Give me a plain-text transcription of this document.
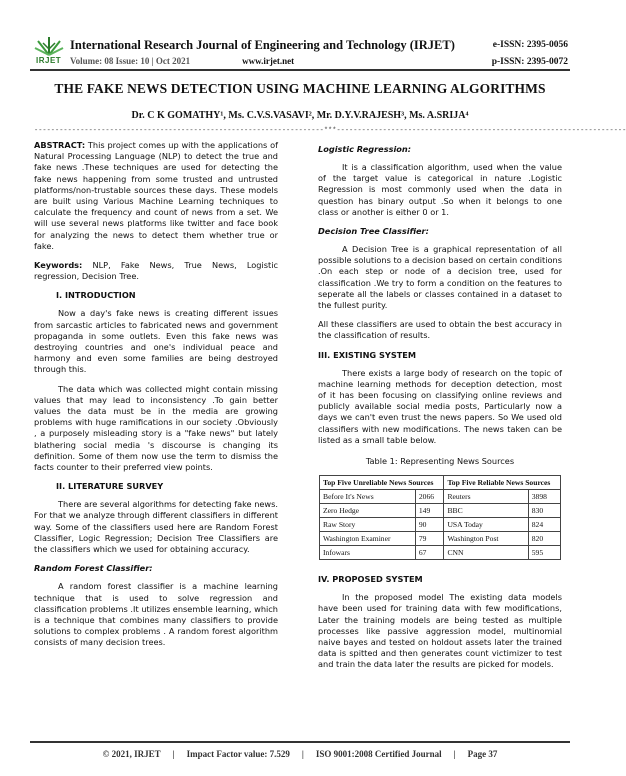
IRJET
International Research Journal of Engineering and Technology (IRJET)
Volume: 08 Issue: 10 | Oct 2021	www.irjet.net
e-ISSN: 2395-0056
p-ISSN: 2395-0072
THE FAKE NEWS DETECTION USING MACHINE LEARNING ALGORITHMS
Dr. C K GOMATHY¹, Ms. C.V.S.VASAVI², Mr. D.Y.V.RAJESH³, Ms. A.SRIJA⁴
---------------------------------------------------------------------***---------------------------------------------------------------------

ABSTRACT: This project comes up with the applications of Natural Processing Language (NLP) to detect the true and fake news .These techniques are used for detecting the fake news happening from some trusted and untrusted platforms/non-trustable sources these days. These models are built using Various Machine Learning techniques to calculate the frequency and count of news from a set. We will use several news platforms like twitter and face book for analyzing the news to detect them whether true or fake.

Keywords: NLP, Fake News, True News, Logistic regression, Decision Tree.

I. INTRODUCTION

Now a day's fake news is creating different issues from sarcastic articles to fabricated news and government propaganda in some outlets. Even this fake news was destroying countries and one's individual peace and harmony and even some families are being destroyed through this.

The data which was collected might contain missing values that may lead to inconsistency .To gain better values the data must be in the media are growing problems with huge ramifications in our society .Obviously , a purposely misleading story is a "fake news" but lately blathering social media 's discourse is changing its definition. Some of them now use the term to dismiss the facts counter to their preferred view points.

II. LITERATURE SURVEY

There are several algorithms for detecting fake news. For that we analyze through different classifiers in different way. Some of the classifiers used here are Random Forest Classifier, Logic Regression; Decision Tree Classifiers are the classifiers which we used for obtaining accuracy.

Random Forest Classifier:

A random forest classifier is a machine learning technique that is used to solve regression and classification problems .It utilizes ensemble learning, which is a technique that combines many classifiers to provide solutions to complex problems . A random forest algorithm consists of many decision trees.

Logistic Regression:

It is a classification algorithm, used when the value of the target value is categorical in nature .Logistic Regression is most commonly used when the data in question has binary output .So when it belongs to one class or another is either 0 or 1.

Decision Tree Classifier:

A Decision Tree is a graphical representation of all possible solutions to a decision based on certain conditions .On each step or node of a decision tree, used for classification .We try to form a condition on the features to seperate all the labels or classes contained in a dataset to the fullest purity.

All these classifiers are used to obtain the best accuracy in the classification of results.

III. EXISTING SYSTEM

There exists a large body of research on the topic of machine learning methods for deception detection, most of it has been focusing on classifying online reviews and publicly available social media posts, Particularly now a days we can't even trust the news papers. So We used old classifiers with new modifications. The news taken can be listed as a small table below.

Table 1: Representing News Sources
Top Five Unreliable News Sources		Top Five Reliable News Sources	
Before It's News	2066	Reuters	3898
Zero Hedge	149	BBC	830
Raw Story	90	USA Today	824
Washington Examiner	79	Washington Post	820
Infowars	67	CNN	595
IV. PROPOSED SYSTEM

In the proposed model The existing data models have been used for training data with few modifications, Later the training models are being tested as multiple processes like passive aggression model, multinomial naive bayes and tested on holdout assets later the trained data is spitted and then generates count victimizer to test and train the data later the results are picked for models.

© 2021, IRJET | Impact Factor value: 7.529 | ISO 9001:2008 Certified Journal | Page 37
